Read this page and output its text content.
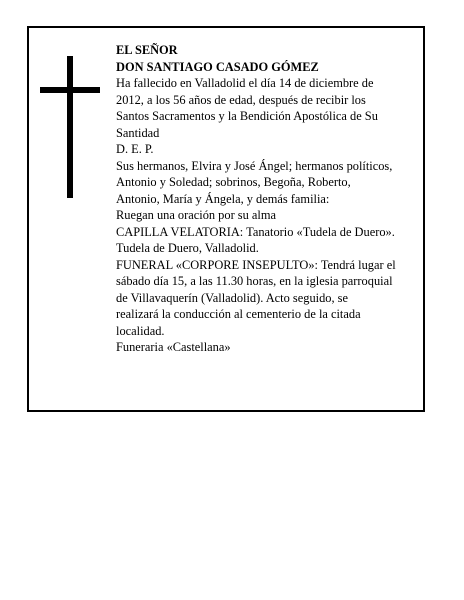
EL SEÑOR
DON SANTIAGO CASADO GÓMEZ
Ha fallecido en Valladolid el día 14 de diciembre de
2012, a los 56 años de edad, después de recibir los
Santos Sacramentos y la Bendición Apostólica de Su
Santidad
D. E. P.
Sus hermanos, Elvira y José Ángel; hermanos políticos,
Antonio y Soledad; sobrinos, Begoña, Roberto,
Antonio, María y Ángela, y demás familia:
Ruegan una oración por su alma
CAPILLA VELATORIA: Tanatorio «Tudela de Duero».
Tudela de Duero, Valladolid.
FUNERAL «CORPORE INSEPULTO»: Tendrá lugar el
sábado día 15, a las 11.30 horas, en la iglesia parroquial
de Villavaquerín (Valladolid). Acto seguido, se
realizará la conducción al cementerio de la citada
localidad.
Funeraria «Castellana»
